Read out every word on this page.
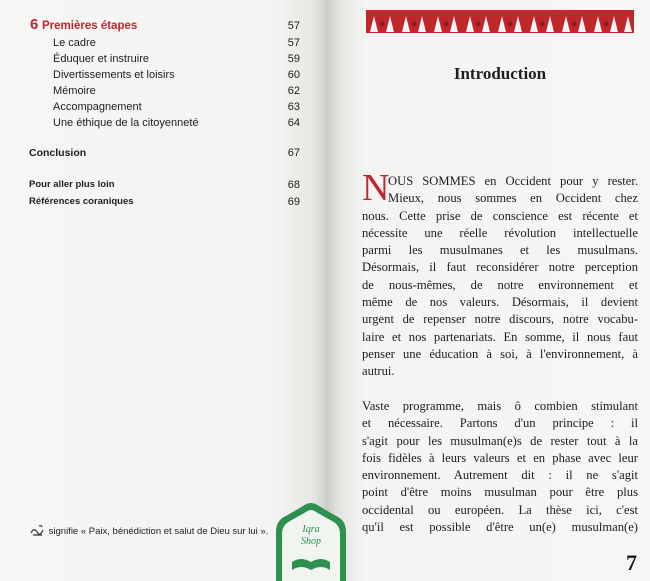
6 Premières étapes	57
Le cadre	57
Éduquer et instruire	59
Divertissements et loisirs	60
Mémoire	62
Accompagnement	63
Une éthique de la citoyenneté	64
Conclusion	67
Pour aller plus loin	68
Références coraniques	69
signifie « Paix, bénédiction et salut de Dieu sur lui ».	Iqra
Shop
Introduction
N
OUS SOMMES en Occident pour y rester.
Mieux, nous sommes en Occident chez
nous. Cette prise de conscience est récente et
nécessite une réelle révolution intellectuelle
parmi les musulmanes et les musulmans.
Désormais, il faut reconsidérer notre perception
de nous-mêmes, de notre environnement et
même de nos valeurs. Désormais, il devient
urgent de repenser notre discours, notre vocabu-
laire et nos partenariats. En somme, il nous faut
penser une éducation à soi, à l'environnement, à
autrui.
Vaste programme, mais ô combien stimulant
et nécessaire. Partons d'un principe : il
s'agit pour les musulman(e)s de rester tout à la
fois fidèles à leurs valeurs et en phase avec leur
environnement. Autrement dit : il ne s'agit
point d'être moins musulman pour être plus
occidental ou européen. La thèse ici, c'est
qu'il est possible d'être un(e) musulman(e)
7
